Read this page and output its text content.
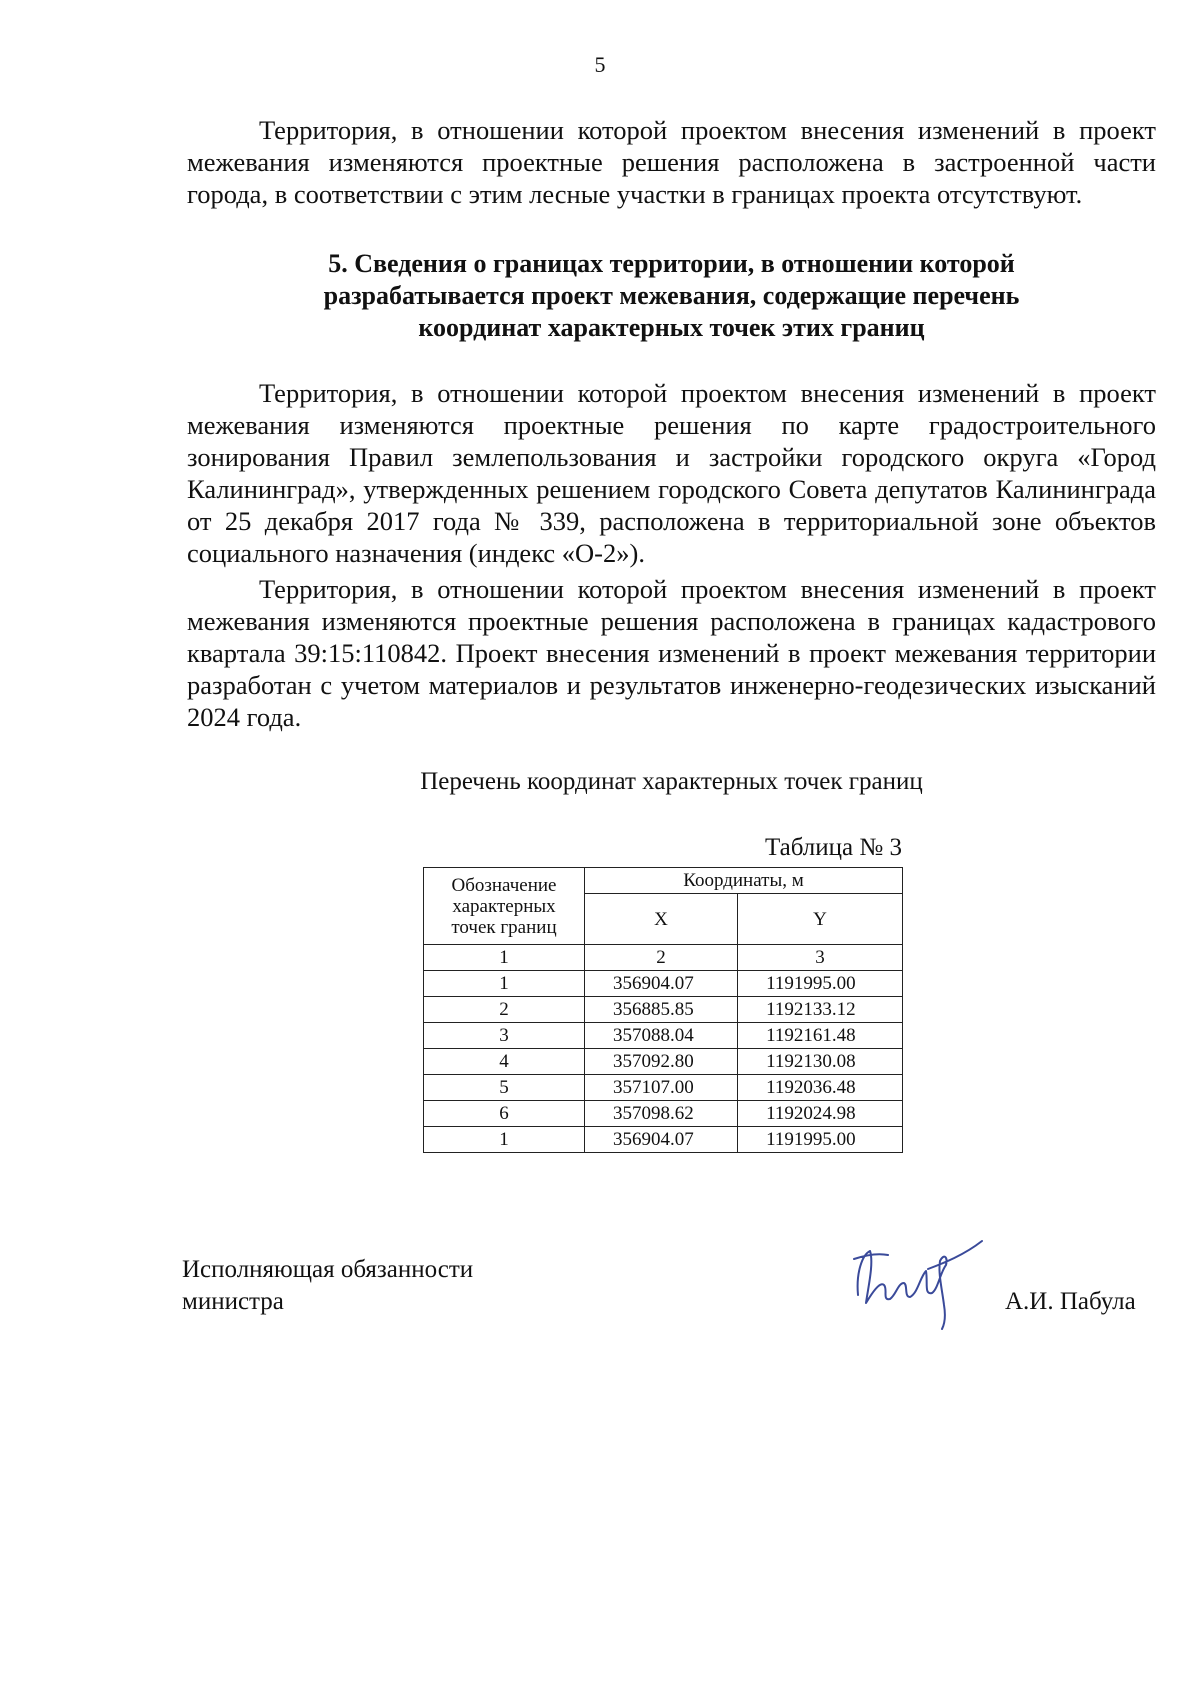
5
Территория, в отношении которой проектом внесения изменений в проект межевания изменяются проектные решения расположена в застроенной части города, в соответствии с этим лесные участки в границах проекта отсутствуют.
5. Сведения о границах территории, в отношении которой
разрабатывается проект межевания, содержащие перечень
координат характерных точек этих границ
Территория, в отношении которой проектом внесения изменений в проект межевания изменяются проектные решения по карте градостроительного зонирования Правил землепользования и застройки городского округа «Город Калининград», утвержденных решением городского Совета депутатов Калининграда от 25 декабря 2017 года № 339, расположена в территориальной зоне объектов социального назначения (индекс «О-2»).
Территория, в отношении которой проектом внесения изменений в проект межевания изменяются проектные решения расположена в границах кадастрового квартала 39:15:110842. Проект внесения изменений в проект межевания территории разработан с учетом материалов и результатов инженерно-геодезических изысканий 2024 года.
Перечень координат характерных точек границ
Таблица № 3
Обозначение характерных точек границ	Координаты, м	
	X	Y
1	2	3
1	356904.07	1191995.00
2	356885.85	1192133.12
3	357088.04	1192161.48
4	357092.80	1192130.08
5	357107.00	1192036.48
6	357098.62	1192024.98
1	356904.07	1191995.00
Исполняющая обязанности
министра	А.И. Пабула
